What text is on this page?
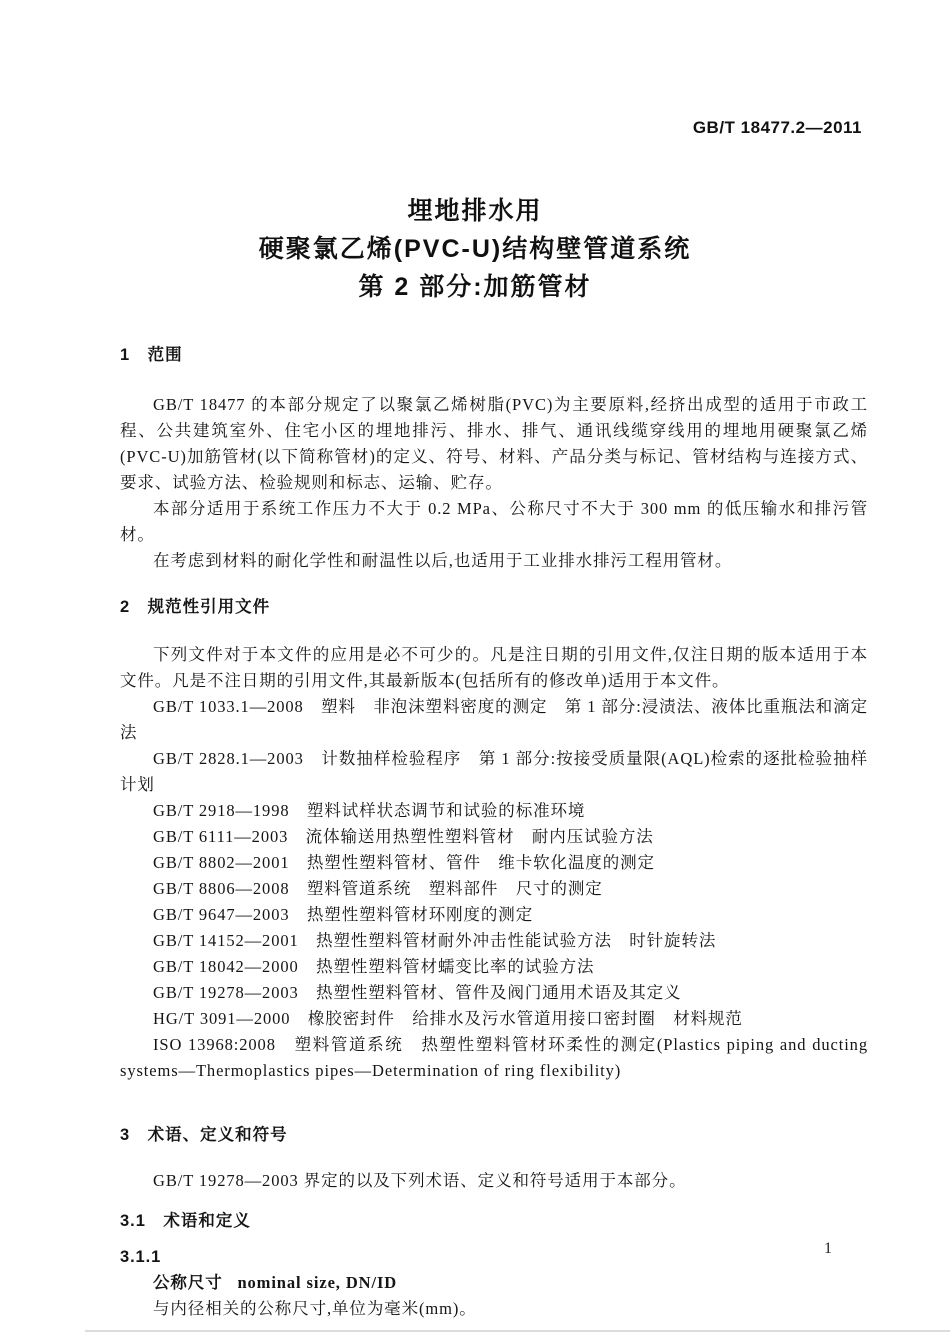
GB/T 18477.2—2011
埋地排水用
硬聚氯乙烯(PVC-U)结构壁管道系统
第 2 部分:加筋管材
1　范围

GB/T 18477 的本部分规定了以聚氯乙烯树脂(PVC)为主要原料,经挤出成型的适用于市政工程、公共建筑室外、住宅小区的埋地排污、排水、排气、通讯线缆穿线用的埋地用硬聚氯乙烯(PVC-U)加筋管材(以下简称管材)的定义、符号、材料、产品分类与标记、管材结构与连接方式、要求、试验方法、检验规则和标志、运输、贮存。

本部分适用于系统工作压力不大于 0.2 MPa、公称尺寸不大于 300 mm 的低压输水和排污管材。

在考虑到材料的耐化学性和耐温性以后,也适用于工业排水排污工程用管材。

2　规范性引用文件

下列文件对于本文件的应用是必不可少的。凡是注日期的引用文件,仅注日期的版本适用于本文件。凡是不注日期的引用文件,其最新版本(包括所有的修改单)适用于本文件。

GB/T 1033.1—2008　塑料　非泡沫塑料密度的测定　第 1 部分:浸渍法、液体比重瓶法和滴定法

GB/T 2828.1—2003　计数抽样检验程序　第 1 部分:按接受质量限(AQL)检索的逐批检验抽样计划

GB/T 2918—1998　塑料试样状态调节和试验的标准环境

GB/T 6111—2003　流体输送用热塑性塑料管材　耐内压试验方法

GB/T 8802—2001　热塑性塑料管材、管件　维卡软化温度的测定

GB/T 8806—2008　塑料管道系统　塑料部件　尺寸的测定

GB/T 9647—2003　热塑性塑料管材环刚度的测定

GB/T 14152—2001　热塑性塑料管材耐外冲击性能试验方法　时针旋转法

GB/T 18042—2000　热塑性塑料管材蠕变比率的试验方法

GB/T 19278—2003　热塑性塑料管材、管件及阀门通用术语及其定义

HG/T 3091—2000　橡胶密封件　给排水及污水管道用接口密封圈　材料规范

ISO 13968:2008　塑料管道系统　热塑性塑料管材环柔性的测定(Plastics piping and ducting systems—Thermoplastics pipes—Determination of ring flexibility)

3　术语、定义和符号

GB/T 19278—2003 界定的以及下列术语、定义和符号适用于本部分。

3.1　术语和定义
3.1.1

公称尺寸 nominal size, DN/ID

与内径相关的公称尺寸,单位为毫米(mm)。

1
